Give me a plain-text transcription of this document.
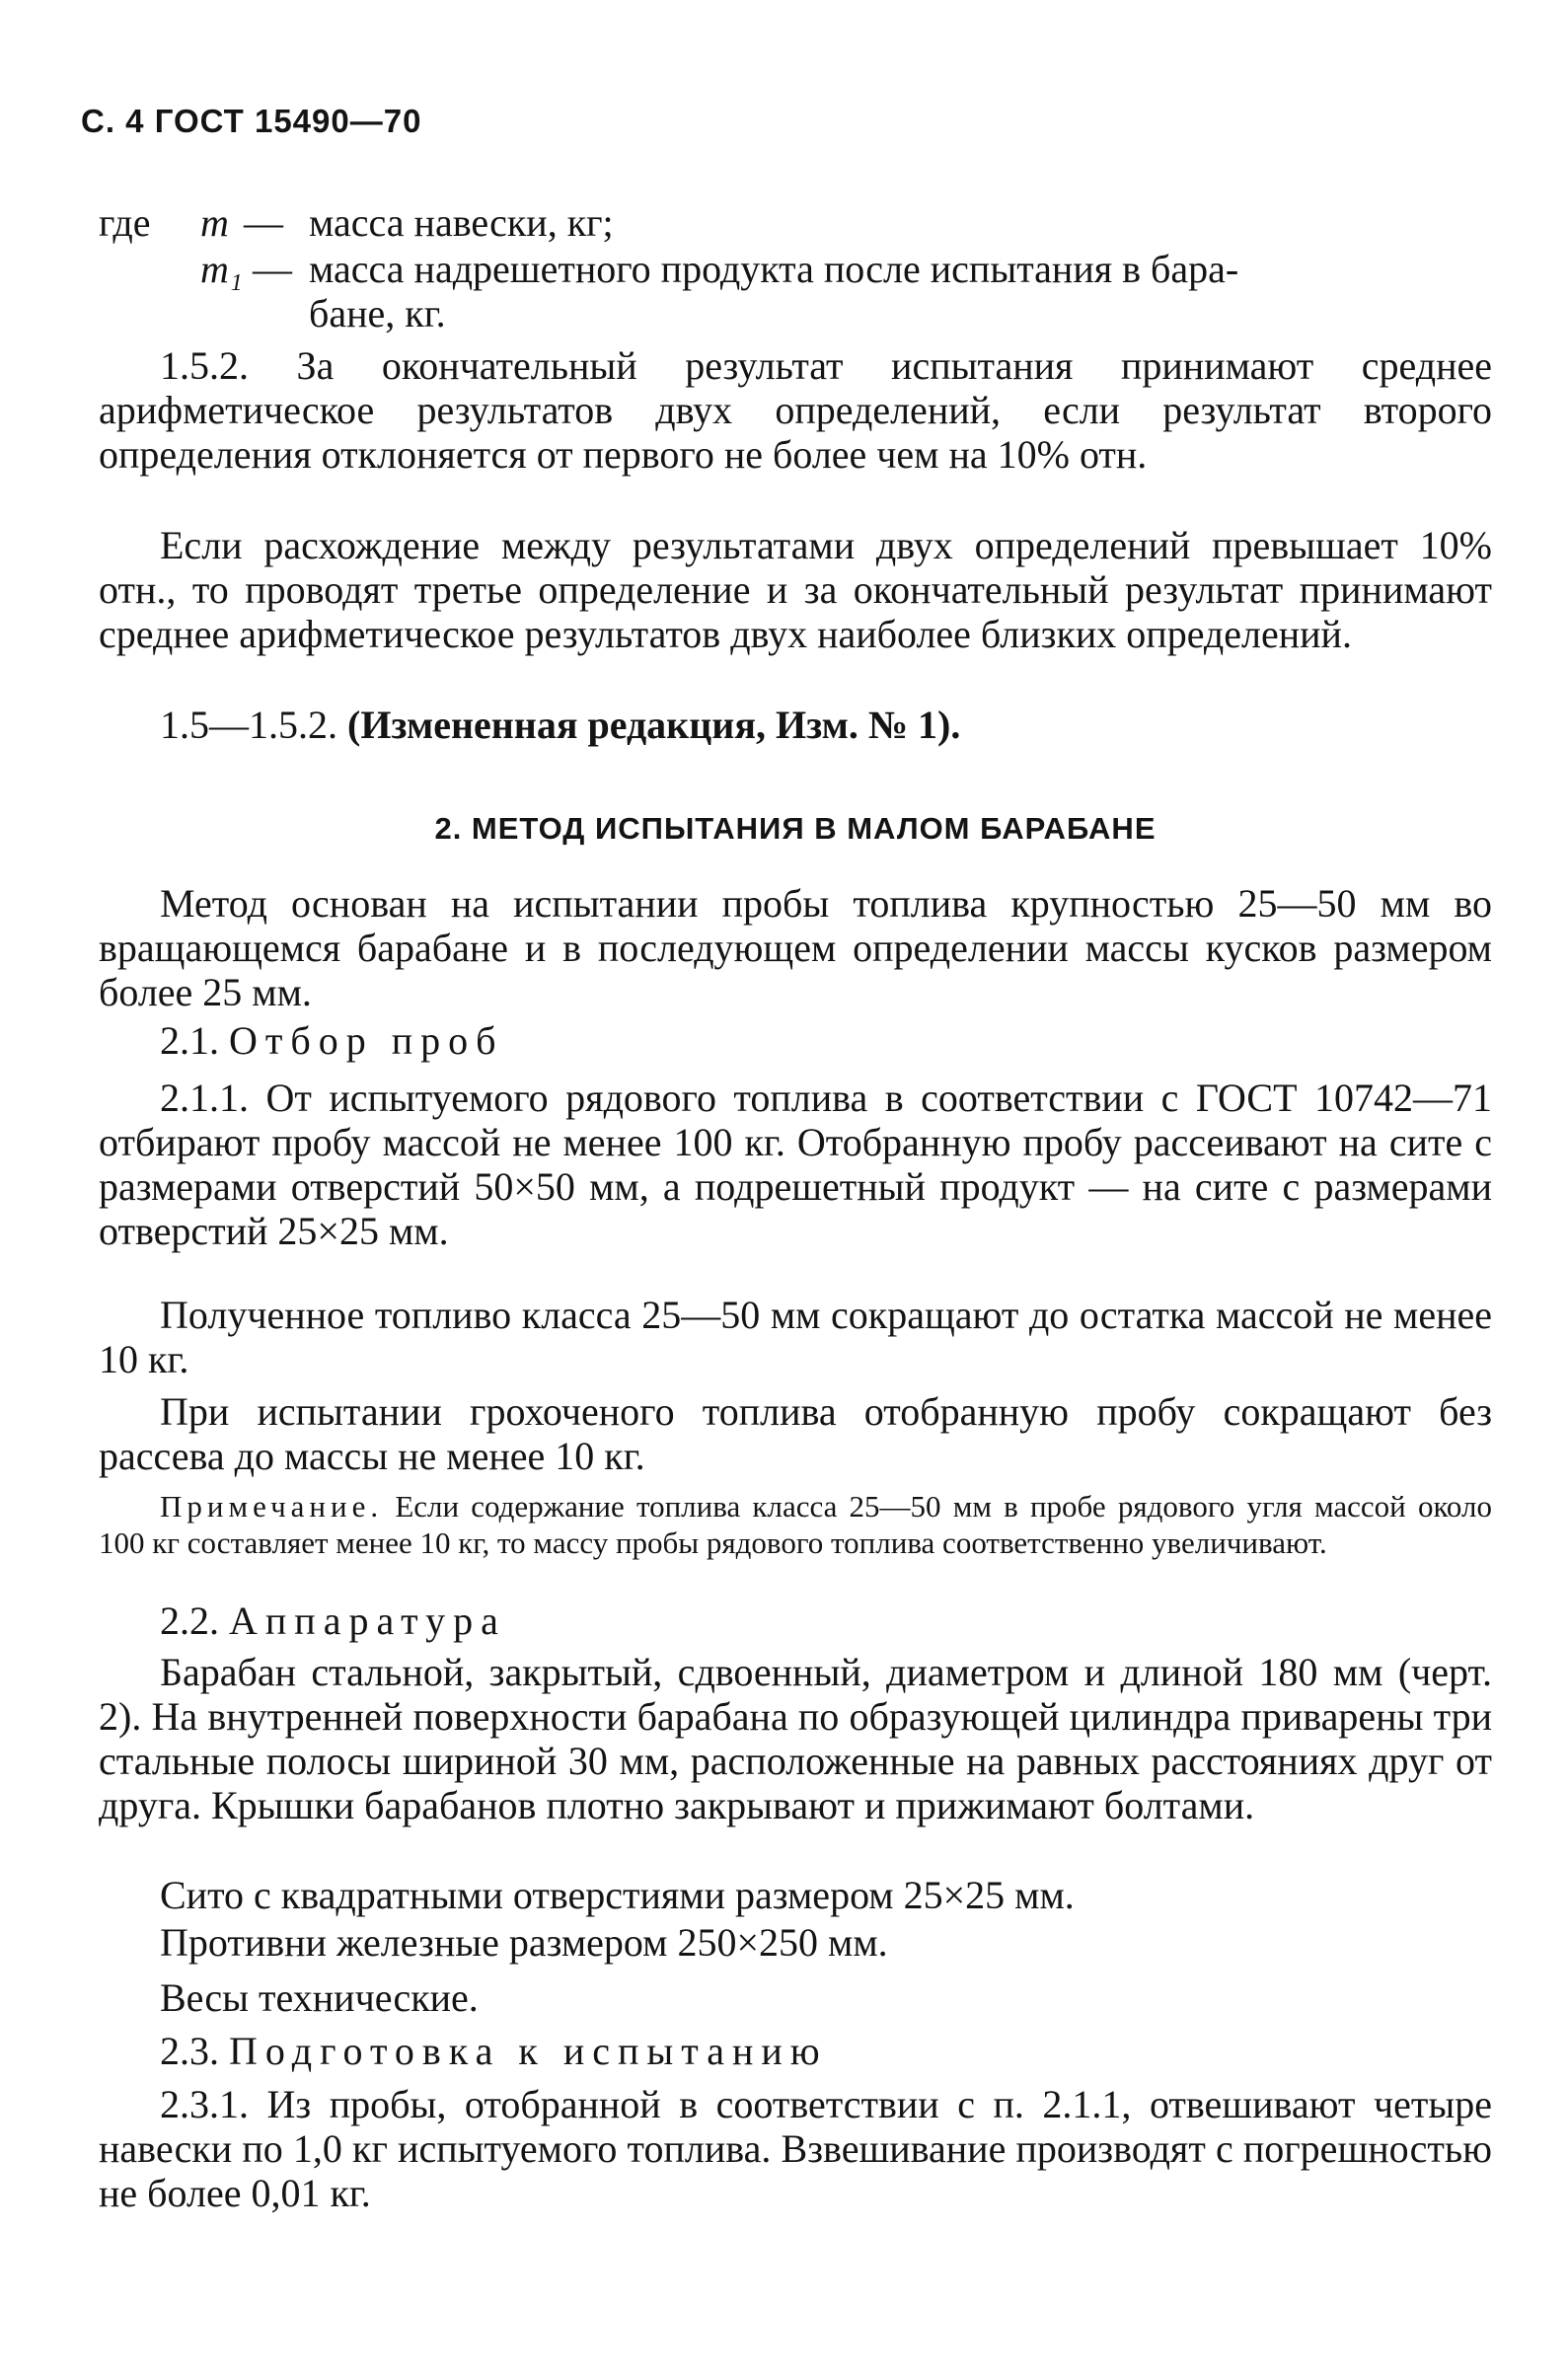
С. 4 ГОСТ 15490—70
где m — масса навески, кг;
m₁ — масса надрешетного продукта после испытания в бара-
бане, кг.
1.5.2. За окончательный результат испытания принимают среднее арифметическое результатов двух определений, если результат второго определения отклоняется от первого не более чем на 10% отн.
Если расхождение между результатами двух определений превышает 10% отн., то проводят третье определение и за окончательный результат принимают среднее арифметическое результатов двух наиболее близких определений.
1.5—1.5.2. (Измененная редакция, Изм. № 1).
2. МЕТОД ИСПЫТАНИЯ В МАЛОМ БАРАБАНЕ
Метод основан на испытании пробы топлива крупностью 25—50 мм во вращающемся барабане и в последующем определении массы кусков размером более 25 мм.
2.1. Отбор проб
2.1.1. От испытуемого рядового топлива в соответствии с ГОСТ 10742—71 отбирают пробу массой не менее 100 кг. Отобранную пробу рассеивают на сите с размерами отверстий 50×50 мм, а подрешетный продукт — на сите с размерами отверстий 25×25 мм.
Полученное топливо класса 25—50 мм сокращают до остатка массой не менее 10 кг.
При испытании грохоченого топлива отобранную пробу сокращают без рассева до массы не менее 10 кг.
Примечание. Если содержание топлива класса 25—50 мм в пробе рядового угля массой около 100 кг составляет менее 10 кг, то массу пробы рядового топлива соответственно увеличивают.
2.2. Аппаратура
Барабан стальной, закрытый, сдвоенный, диаметром и длиной 180 мм (черт. 2). На внутренней поверхности барабана по образующей цилиндра приварены три стальные полосы шириной 30 мм, расположенные на равных расстояниях друг от друга. Крышки барабанов плотно закрывают и прижимают болтами.
Сито с квадратными отверстиями размером 25×25 мм.
Противни железные размером 250×250 мм.
Весы технические.
2.3. Подготовка к испытанию
2.3.1. Из пробы, отобранной в соответствии с п. 2.1.1, отвешивают четыре навески по 1,0 кг испытуемого топлива. Взвешивание производят с погрешностью не более 0,01 кг.
